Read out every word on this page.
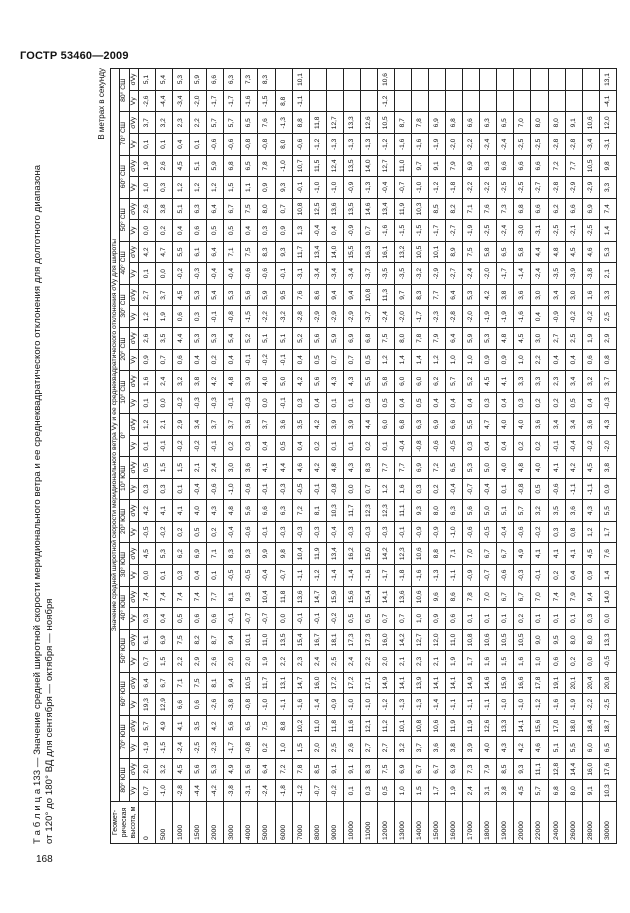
ГОСТР 53460—2009
Т а б л и ц а 133 — Значение средней широтной скорости меридионального ветра и ее среднеквадратического отклонения для долготного диапазона от 120° до 180° ВД для сентября — октября — ноября
В метрах в секунду
Геомет-рическая высота, м	Значение средней широтной скорости меридионального ветра V̄y и ее среднеквадратического отклонения σVy для широты																																	
	80° ЮШ		70° ЮШ		60° ЮШ		50° ЮШ		40° ЮШ		30° ЮШ		20° ЮШ		10° ЮШ		0°		10° СШ		20° СШ		30° СШ		40° СШ		50° СШ		60° СШ		70° СШ		80° СШ	
	V̄y	σVy	V̄y	σVy	V̄y	σVy	V̄y	σVy	V̄y	σVy	V̄y	σVy	V̄y	σVy	V̄y	σVy	V̄y	σVy	V̄y	σVy	V̄y	σVy	V̄y	σVy	V̄y	σVy	V̄y	σVy	V̄y	σVy	V̄y	σVy	V̄y	σVy
0	0,7	2,0	-1,9	5,7	19,3	6,4	0,7	6,1	0,3	7,4	0,0	4,5	-0,5	4,2	0,3	0,5	0,1	1,2	0,1	1,6	0,9	2,6	1,2	2,7	0,1	4,2	0,0	2,6	1,0	1,9	0,1	3,7	-2,6	5,1
500	-1,0	3,2	-1,5	4,9	12,9	6,7	1,5	6,9	0,4	7,4	0,1	5,3	-0,2	4,1	0,3	1,5	-0,1	2,1	0,0	2,4	0,7	3,5	1,9	3,7	0,0	4,7	0,2	3,8	0,3	2,6	0,1	3,2	-4,4	5,4
1000	-2,8	4,5	-2,4	4,1	6,6	7,1	2,2	7,5	0,5	7,4	0,3	6,2	0,2	4,1	0,1	1,5	-0,2	2,9	-0,2	3,2	0,6	4,4	0,6	4,5	-0,2	5,5	0,4	5,1	1,2	4,5	0,4	2,3	-3,4	5,3
1500	-4,4	5,6	-2,5	3,5	0,6	7,5	2,9	8,2	0,6	7,4	0,4	6,9	0,5	4,0	-0,4	2,1	-0,2	3,4	-0,3	3,8	0,4	5,3	0,3	5,3	-0,3	6,1	0,6	6,3	1,2	5,1	0,1	2,2	-2,0	5,9
2000	-4,2	5,3	-2,3	4,2	-2,6	8,1	2,6	8,7	0,6	7,7	0,1	7,1	0,2	4,3	-0,6	2,4	-0,1	3,7	-0,3	4,2	0,2	5,3	-0,1	5,4	-0,4	6,4	0,5	6,4	1,2	5,9	-0,6	5,7	-1,7	6,6
3000	-3,8	4,9	-1,7	5,6	-3,8	9,4	2,0	9,4	-0,1	8,1	-0,5	8,3	-0,4	4,8	-1,0	3,0	0,2	3,7	-0,1	4,8	0,4	5,4	-0,8	5,3	-0,4	7,1	0,5	6,7	1,5	6,8	-0,6	5,7	-1,7	6,3
4000	-3,1	5,6	-0,8	6,5	-0,8	10,5	2,0	10,1	-0,7	9,3	-0,5	9,3	-0,6	5,6	-0,6	3,6	0,3	3,6	-0,3	3,9	-0,1	5,2	-1,5	5,6	-0,6	7,5	0,4	7,5	1,1	6,5	-0,8	6,5	-1,6	7,3
5000	-2,4	6,4	0,2	7,5	-1,0	11,7	1,9	11,0	-0,7	10,4	-0,4	9,9	-0,1	6,6	-0,1	4,1	0,4	3,7	0,0	4,0	-0,2	5,1	-2,2	5,9	-0,6	8,3	0,3	8,0	0,9	7,8	-0,8	7,6	-1,5	8,3
6000	-1,8	7,2	1,0	8,8	-1,1	13,1	2,2	13,5	0,0	11,8	-0,7	9,8	-0,3	6,3	-0,3	4,4	0,5	3,6	-0,1	5,0	-0,1	5,1	-3,2	9,5	-0,1	9,3	0,9	0,7	9,3	-1,0	8,0	-1,3	8,8	
7000	-1,2	7,8	1,5	10,2	-1,6	14,7	2,3	15,4	-0,1	13,6	-1,1	10,4	-0,3	7,2	-0,5	4,6	0,4	3,5	0,3	4,2	0,4	5,2	-2,8	7,6	-3,1	11,7	1,3	10,8	-0,1	10,7	-0,6	8,8	-1,1	10,1
8000	-0,7	8,5	2,0	11,0	-1,4	16,0	2,4	16,7	-0,1	14,7	-1,2	11,9	-0,3	8,1	-0,1	4,2	0,2	4,2	0,4	5,6	0,5	5,6	-2,9	8,6	-3,4	13,4	-0,4	12,5	-1,0	11,5	-1,2	11,8		
9000	-0,2	9,1	2,5	11,8	-0,9	17,2	2,5	18,1	-0,2	15,9	-1,4	13,4	-0,4	10,3	-0,8	4,8	0,1	3,9	0,1	4,3	0,7	5,9	-2,9	9,4	-3,4	14,0	0,4	13,6	-1,0	12,4	-1,3	12,7		
10000	0,1	9,1	2,6	11,6	-1,0	17,2	2,4	17,3	0,5	15,6	-1,4	16,2	-0,3	11,7	0,0	4,3	0,1	3,9	0,1	4,3	0,7	6,9	-2,9	9,4	-3,4	15,5	-0,9	13,5	-0,9	13,5	-1,3	13,3		
11000	0,3	8,3	2,7	12,1	-1,0	17,1	2,2	17,3	0,5	15,4	-1,6	15,0	-0,3	12,3	0,7	8,3	0,2	4,4	0,3	5,5	0,5	6,8	-3,7	10,8	-3,7	16,3	0,7	14,6	-1,3	14,0	-1,3	12,6		
12000	0,5	7,5	2,7	11,2	-1,2	14,9	2,0	16,0	0,7	14,1	-1,7	14,2	-0,3	12,3	1,2	7,7	0,1	6,0	0,5	5,8	1,2	7,5	-2,4	11,3	-3,5	16,1	-1,6	13,4	-0,4	12,7	-1,2	10,5	-1,2	10,6
13000	1,0	6,9	3,2	10,1	-1,3	14,1	2,1	14,2	0,7	13,6	-1,8	12,3	-0,1	11,1	1,6	7,7	-0,4	6,8	0,4	6,0	1,4	8,0	-2,0	9,7	-3,5	13,2	-1,5	11,9	-0,7	11,0	-1,6	8,7		
14000	1,5	6,7	3,7	10,8	-1,3	13,9	2,3	12,7	1,0	10,6	-1,6	10,6	-0,9	9,3	0,3	6,9	-0,8	6,3	0,5	6,0	1,4	7,8	-1,7	8,3	-3,2	10,5	-1,5	10,3	-1,0	9,7	-1,6	7,8		
15000	1,7	6,7	3,6	10,6	-1,4	14,1	2,1	12,0	0,9	9,6	-1,3	8,8	-0,9	8,0	0,2	7,2	-0,6	6,9	0,4	6,2	1,2	7,9	-2,3	7,7	-2,9	10,1	-1,7	8,5	-1,2	9,1	-1,9	6,9		
16000	1,9	6,9	3,8	11,9	-1,1	14,1	1,9	11,0	0,6	8,6	-1,1	7,1	-1,0	6,3	-0,4	6,5	-0,5	6,6	0,4	5,7	1,0	6,4	-2,8	6,4	-2,7	8,9	-2,7	8,2	-1,8	7,9	-2,0	6,8		
17000	2,4	7,3	3,9	11,9	-1,1	14,9	1,7	10,8	0,1	7,8	-0,9	7,0	-0,6	5,6	-0,7	5,3	0,3	5,5	0,4	5,2	1,0	5,9	-2,0	5,3	-2,4	7,5	-1,9	7,1	-2,2	6,9	-2,2	6,6		
18000	3,1	7,9	4,0	12,6	-1,1	14,6	1,6	10,6	0,1	7,0	-0,7	6,7	-0,5	5,0	-0,4	5,0	0,4	4,7	0,3	4,5	0,9	5,3	-1,9	4,2	-2,0	5,8	-2,5	7,6	-2,2	6,3	-2,4	6,3		
19000	3,8	8,5	4,3	13,3	-1,0	15,9	1,5	10,5	0,1	6,7	-0,6	6,7	-0,4	5,1	0,1	4,0	0,4	4,0	0,4	4,1	0,9	4,8	-1,9	3,8	-1,7	6,5	-2,4	7,3	-2,5	6,6	-2,4	6,5		
20000	4,5	9,3	4,2	14,1	-1,0	16,6	1,6	10,5	0,2	6,7	-0,3	4,9	-0,6	5,7	-0,8	4,8	0,2	4,0	0,3	3,3	1,0	4,5	-1,6	3,6	-1,4	5,8	-3,0	6,8	-2,5	6,6	-2,5	7,0		
22000	5,7	11,1	4,6	15,6	-1,2	17,8	1,0	9,0	0,1	7,0	-0,1	4,1	-0,2	3,2	0,5	4,0	0,2	3,6	0,2	3,3	2,2	3,0	0,4	3,0	-2,4	4,4	-3,1	6,6	-2,7	6,6	-2,5	8,0		
24000	6,8	12,8	5,1	17,0	-1,6	19,1	0,6	9,5	0,1	7,4	0,2	4,1	0,3	3,5	-0,6	4,1	-0,1	3,4	0,2	2,3	0,4	2,7	-0,9	3,4	-3,5	4,8	-2,5	6,2	-2,8	7,2	-2,8	8,0		
26000	8,0	14,4	5,5	18,0	-1,9	20,1	0,2	8,0	0,1	7,9	0,4	4,1	0,8	3,6	-1,1	4,2	-0,4	3,4	0,5	3,4	0,4	2,5	-0,2	3,0	-3,9	4,5	-2,1	6,6	-2,9	7,7	-2,8	9,1		
28000	9,1	16,0	6,0	18,4	-2,2	20,4	0,0	8,0	0,3	9,4	0,9	4,5	1,2	4,3	-1,1	4,5	-0,2	3,6	0,4	3,2	0,6	1,9	-0,2	1,6	-3,8	4,6	-2,5	6,9	-2,9	10,5	-3,4	10,6		
30000	10,3	17,6	6,5	18,7	-2,5	20,8	-0,5	13,3	0,0	14,0	1,4	7,6	1,7	5,5	0,9	3,8	-2,0	4,3	-0,3	3,7	0,8	2,9	2,5	3,3	2,1	5,3	1,4	7,4	3,3	9,8	-3,1	12,0	-4,1	13,1
168
